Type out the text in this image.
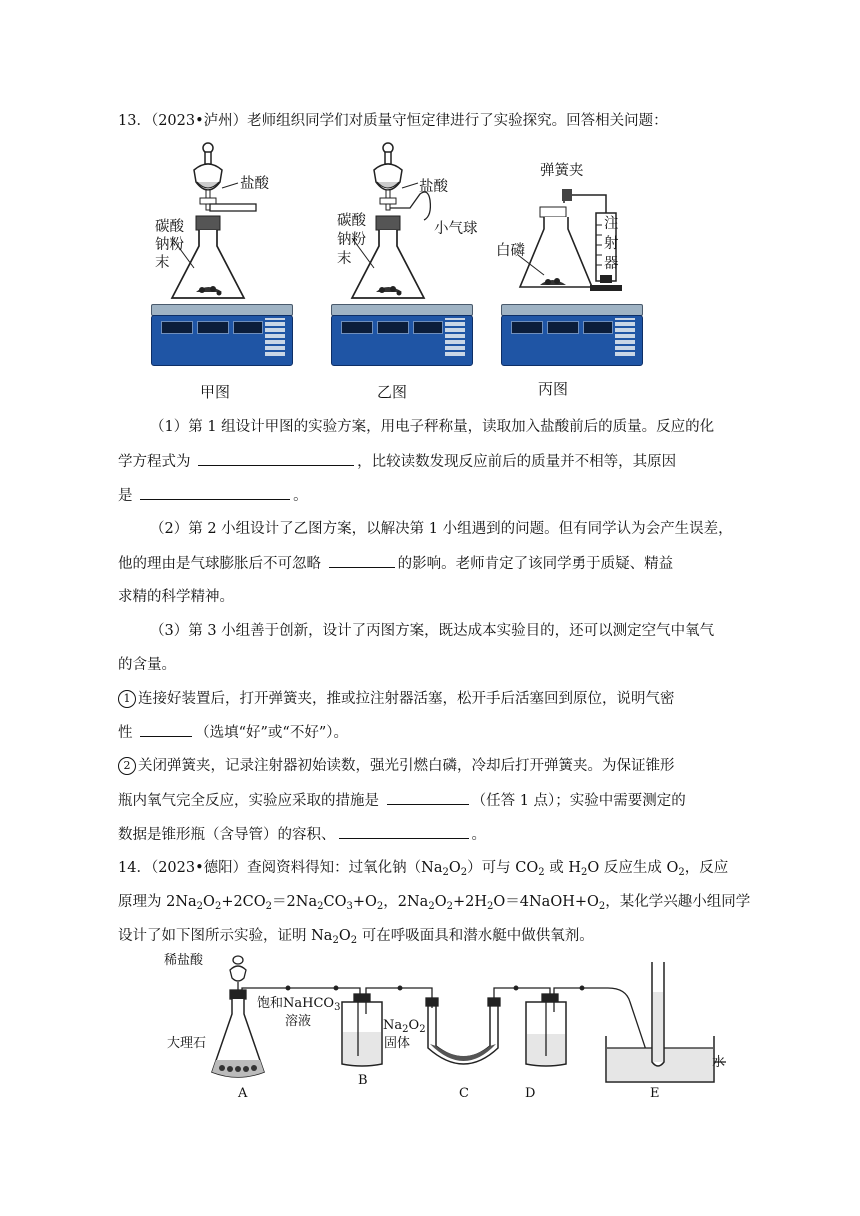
13．（2023•泸州）老师组织同学们对质量守恒定律进行了实验探究。回答相关问题：
盐酸
碳酸
钠粉
末
甲图
盐酸
小气球
碳酸
钠粉
末
乙图
弹簧夹
白磷
注
射
器
丙图
（1）第 1 组设计甲图的实验方案，用电子秤称量，读取加入盐酸前后的质量。反应的化
学方程式为	，比较读数发现反应前后的质量并不相等，其原因
是	。
（2）第 2 小组设计了乙图方案，以解决第 1 小组遇到的问题。但有同学认为会产生误差，
他的理由是气球膨胀后不可忽略	的影响。老师肯定了该同学勇于质疑、精益
求精的科学精神。
（3）第 3 小组善于创新，设计了丙图方案，既达成本实验目的，还可以测定空气中氧气
的含量。
1 连接好装置后，打开弹簧夹，推或拉注射器活塞，松开手后活塞回到原位，说明气密
性	（选填“好”或“不好”）。
2 关闭弹簧夹，记录注射器初始读数，强光引燃白磷，冷却后打开弹簧夹。为保证锥形
瓶内氧气完全反应，实验应采取的措施是	（任答 1 点）；实验中需要测定的
数据是锥形瓶（含导管）的容积、	。
14．（2023•德阳）查阅资料得知：过氧化钠$(Na_2O_2)$可与 $CO_2$ 或 $H_2O$ 反应生成 $O_2$，反应
原理为 $2Na_2O_2+2CO_2=2Na_2CO_3+O_2$，$2Na_2O_2+2H_2O=4NaOH+O_2$，某化学兴趣小组同学
设计了如下图所示实验，证明 $Na_2O_2$ 可在呼吸面具和潜水艇中做供氧剂。
稀盐酸
饱和NaHCO$_3$
溶液	$Na_2O_2$
固体
大理石
水
A
B
C	D	E
